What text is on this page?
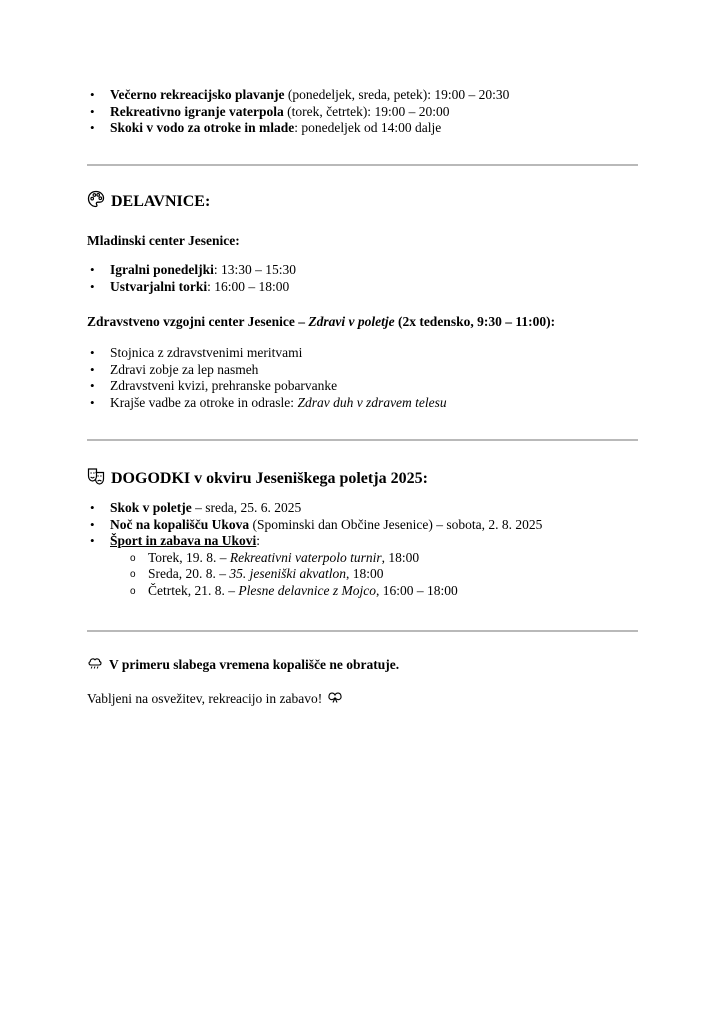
• Večerno rekreacijsko plavanje (ponedeljek, sreda, petek): 19:00 – 20:30
• Rekreativno igranje vaterpola (torek, četrtek): 19:00 – 20:00
• Skoki v vodo za otroke in mlade: ponedeljek od 14:00 dalje
DELAVNICE:
Mladinski center Jesenice:
• Igralni ponedeljki: 13:30 – 15:30
• Ustvarjalni torki: 16:00 – 18:00
Zdravstveno vzgojni center Jesenice – Zdravi v poletje (2x tedensko, 9:30 – 11:00):
• Stojnica z zdravstvenimi meritvami
• Zdravi zobje za lep nasmeh
• Zdravstveni kvizi, prehranske pobarvanke
• Krajše vadbe za otroke in odrasle: Zdrav duh v zdravem telesu
DOGODKI v okviru Jeseniškega poletja 2025:
• Skok v poletje – sreda, 25. 6. 2025
• Noč na kopališču Ukova (Spominski dan Občine Jesenice) – sobota, 2. 8. 2025
• Šport in zabava na Ukovi:
o Torek, 19. 8. – Rekreativni vaterpolo turnir, 18:00
o Sreda, 20. 8. – 35. jeseniški akvatlon, 18:00
o Četrtek, 21. 8. – Plesne delavnice z Mojco, 16:00 – 18:00
V primeru slabega vremena kopališče ne obratuje.
Vabljeni na osvežitev, rekreacijo in zabavo!
